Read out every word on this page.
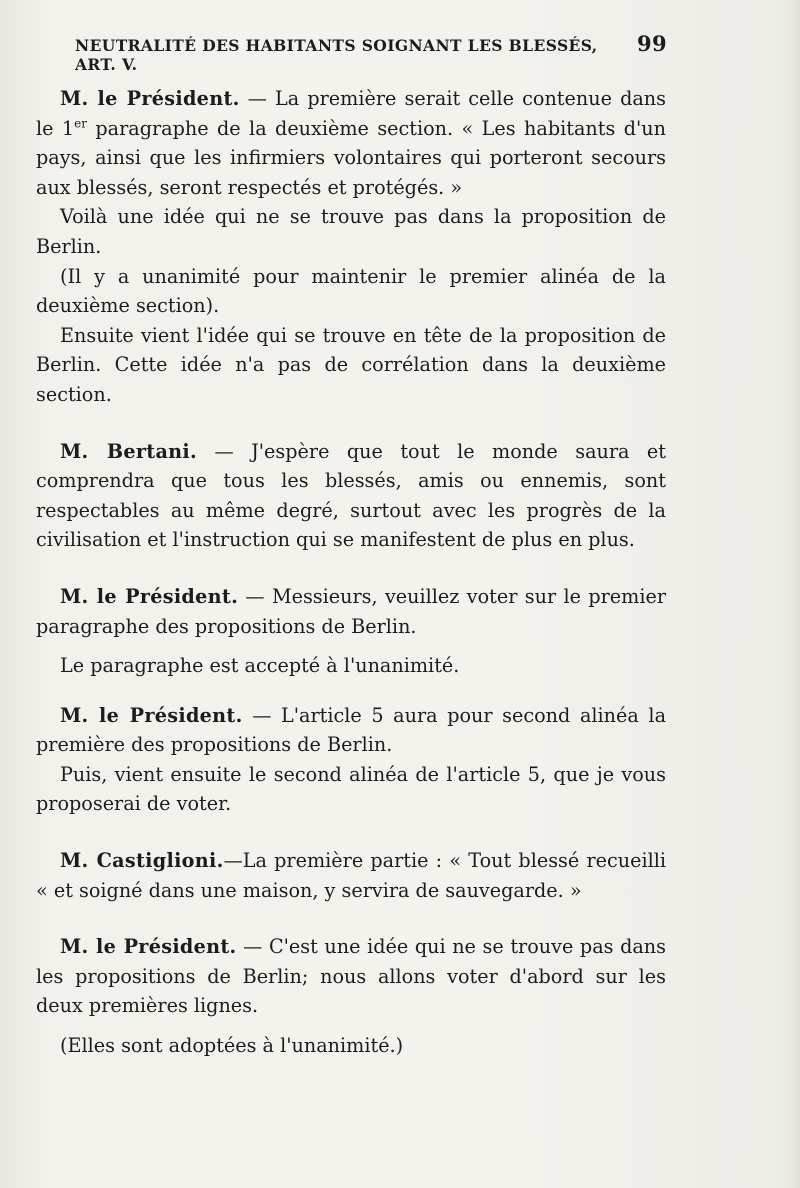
NEUTRALITÉ DES HABITANTS SOIGNANT LES BLESSÉS, ART. V.
99

M. le Président. — La première serait celle contenue dans le 1er paragraphe de la deuxième section. « Les habitants d'un pays, ainsi que les infirmiers volontaires qui porteront secours aux blessés, seront respectés et protégés. »

Voilà une idée qui ne se trouve pas dans la proposition de Berlin.

(Il y a unanimité pour maintenir le premier alinéa de la deuxième section).

Ensuite vient l'idée qui se trouve en tête de la proposition de Berlin. Cette idée n'a pas de corrélation dans la deuxième section.

M. Bertani. — J'espère que tout le monde saura et comprendra que tous les blessés, amis ou ennemis, sont respectables au même degré, surtout avec les progrès de la civilisation et l'instruction qui se manifestent de plus en plus.

M. le Président. — Messieurs, veuillez voter sur le premier paragraphe des propositions de Berlin.

Le paragraphe est accepté à l'unanimité.

M. le Président. — L'article 5 aura pour second alinéa la première des propositions de Berlin.

Puis, vient ensuite le second alinéa de l'article 5, que je vous proposerai de voter.

M. Castiglioni.—La première partie : « Tout blessé recueilli « et soigné dans une maison, y servira de sauvegarde. »

M. le Président. — C'est une idée qui ne se trouve pas dans les propositions de Berlin; nous allons voter d'abord sur les deux premières lignes.

(Elles sont adoptées à l'unanimité.)
